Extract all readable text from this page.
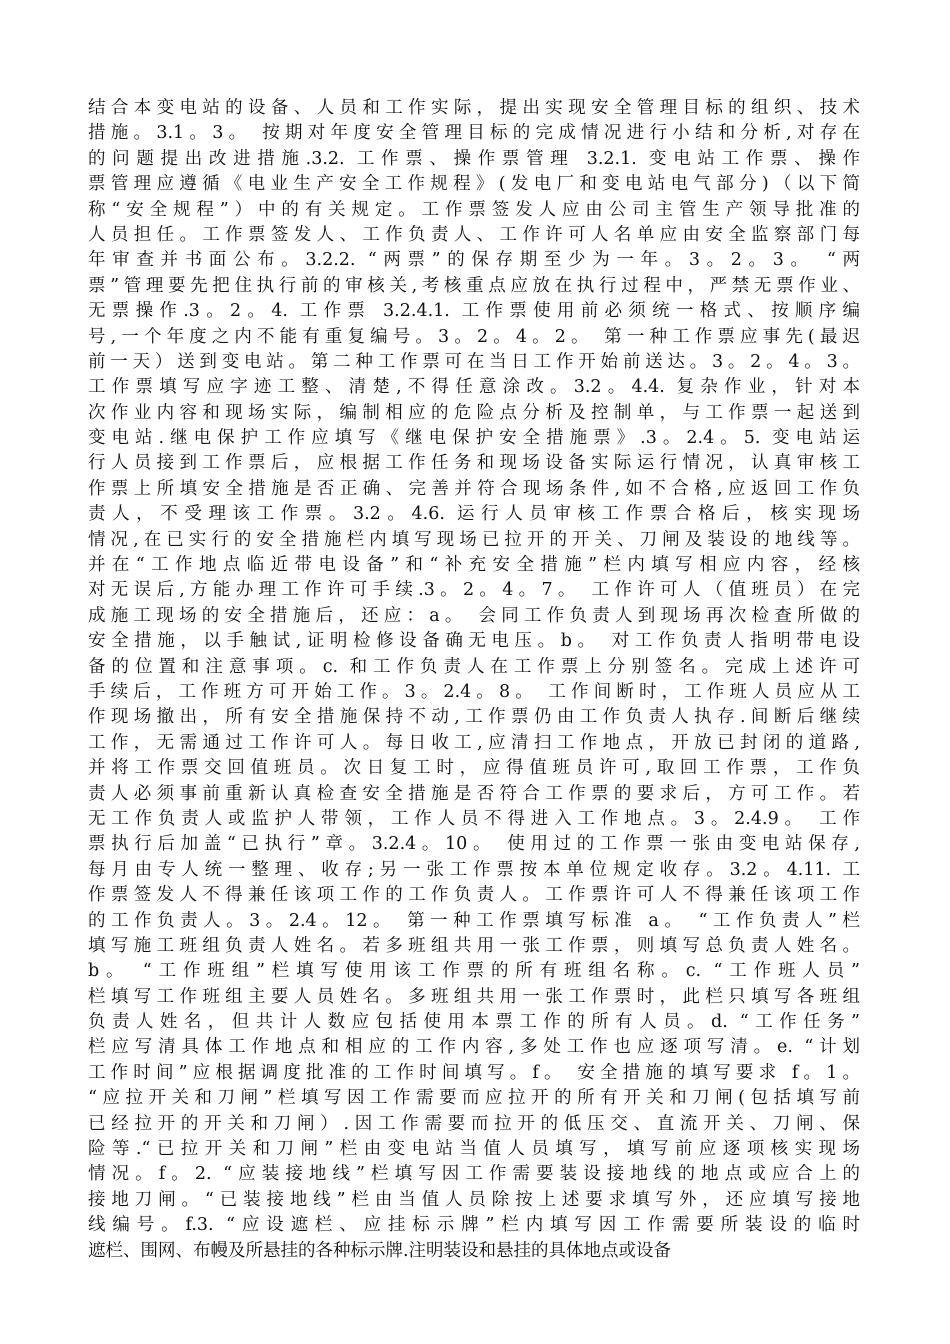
结合本变电站的设备、人员和工作实际，提出实现安全管理目标的组织、技术
措施。3.1。3。 按期对年度安全管理目标的完成情况进行小结和分析,对存在
的问题提出改进措施.3.2. 工作票、操作票管理 3.2.1. 变电站工作票、操作
票管理应遵循《电业生产安全工作规程》(发电厂和变电站电气部分)（以下简
称“安全规程”）中的有关规定。工作票签发人应由公司主管生产领导批准的
人员担任。工作票签发人、工作负责人、工作许可人名单应由安全监察部门每
年审查并书面公布。3.2.2. “两票”的保存期至少为一年。3。2。3。 “两
票”管理要先把住执行前的审核关,考核重点应放在执行过程中，严禁无票作业、
无票操作.3。2。4. 工作票 3.2.4.1. 工作票使用前必须统一格式、按顺序编
号,一个年度之内不能有重复编号。3。2。4。2。 第一种工作票应事先(最迟
前一天）送到变电站。第二种工作票可在当日工作开始前送达。3。2。4。3。
工作票填写应字迹工整、清楚,不得任意涂改。3.2。4.4. 复杂作业，针对本
次作业内容和现场实际，编制相应的危险点分析及控制单，与工作票一起送到
变电站.继电保护工作应填写《继电保护安全措施票》.3。2.4。5. 变电站运
行人员接到工作票后，应根据工作任务和现场设备实际运行情况，认真审核工
作票上所填安全措施是否正确、完善并符合现场条件,如不合格,应返回工作负
责人，不受理该工作票。3.2。4.6. 运行人员审核工作票合格后，核实现场
情况,在已实行的安全措施栏内填写现场已拉开的开关、刀闸及装设的地线等。
并在“工作地点临近带电设备”和“补充安全措施”栏内填写相应内容，经核
对无误后,方能办理工作许可手续.3。2。4。7。 工作许可人（值班员）在完
成施工现场的安全措施后，还应：a。 会同工作负责人到现场再次检查所做的
安全措施，以手触试,证明检修设备确无电压。b。 对工作负责人指明带电设
备的位置和注意事项。c. 和工作负责人在工作票上分别签名。完成上述许可
手续后，工作班方可开始工作。3。2.4。8。 工作间断时，工作班人员应从工
作现场撤出，所有安全措施保持不动,工作票仍由工作负责人执存.间断后继续
工作，无需通过工作许可人。每日收工,应清扫工作地点，开放已封闭的道路,
并将工作票交回值班员。次日复工时，应得值班员许可,取回工作票，工作负
责人必须事前重新认真检查安全措施是否符合工作票的要求后，方可工作。若
无工作负责人或监护人带领，工作人员不得进入工作地点。3。2.4.9。 工作
票执行后加盖“已执行”章。3.2.4。10。 使用过的工作票一张由变电站保存,
每月由专人统一整理、收存;另一张工作票按本单位规定收存。3.2。4.11. 工
作票签发人不得兼任该项工作的工作负责人。工作票许可人不得兼任该项工作
的工作负责人。3。2.4。12。 第一种工作票填写标准 a。 “工作负责人”栏
填写施工班组负责人姓名。若多班组共用一张工作票，则填写总负责人姓名。
b。 “工作班组”栏填写使用该工作票的所有班组名称。c. “工作班人员”
栏填写工作班组主要人员姓名。多班组共用一张工作票时，此栏只填写各班组
负责人姓名，但共计人数应包括使用本票工作的所有人员。d. “工作任务”
栏应写清具体工作地点和相应的工作内容,多处工作也应逐项写清。e. “计划
工作时间”应根据调度批准的工作时间填写。f。 安全措施的填写要求 f。1。
“应拉开关和刀闸”栏填写因工作需要而应拉开的所有开关和刀闸(包括填写前
已经拉开的开关和刀闸）.因工作需要而拉开的低压交、直流开关、刀闸、保
险等.“已拉开关和刀闸”栏由变电站当值人员填写，填写前应逐项核实现场
情况。f。2. “应装接地线”栏填写因工作需要装设接地线的地点或应合上的
接地刀闸。“已装接地线”栏由当值人员除按上述要求填写外，还应填写接地
线编号。f.3. “应设遮栏、应挂标示牌”栏内填写因工作需要所装设的临时
遮栏、围网、布幔及所悬挂的各种标示牌.注明装设和悬挂的具体地点或设备
